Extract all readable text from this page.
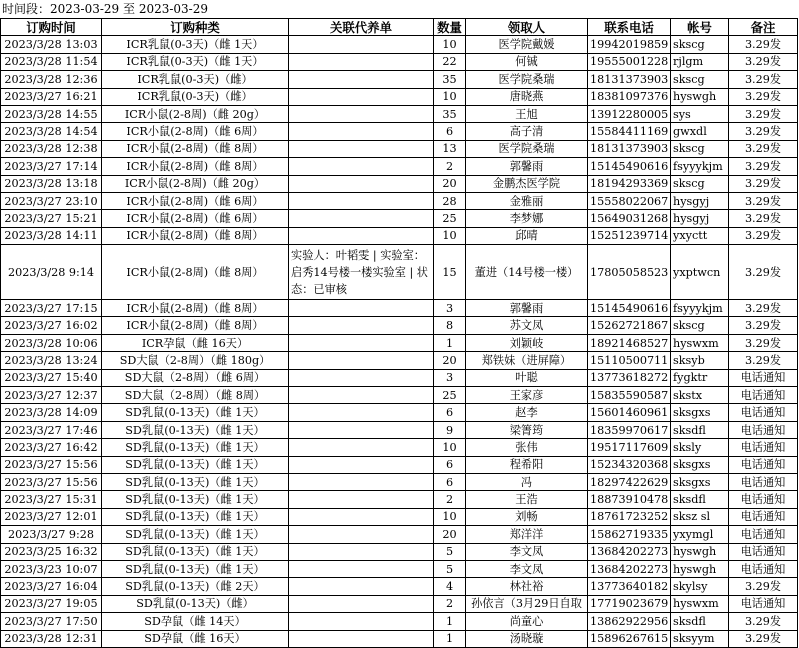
时间段：2023-03-29 至 2023-03-29
订购时间	订购种类	关联代养单	数量	领取人	联系电话	帐号	备注
2023/3/28 13:03	ICR乳鼠(0-3天)（雌 1天）		10	医学院戴媛	19942019859	skscg	3.29发
2023/3/28 11:54	ICR乳鼠(0-3天)（雌 1天）		22	何铖	19555001228	rjlgm	3.29发
2023/3/28 12:36	ICR乳鼠(0-3天)（雌）		35	医学院桑瑞	18131373903	skscg	3.29发
2023/3/27 16:21	ICR乳鼠(0-3天)（雌）		10	唐晓燕	18381097376	hyswgh	3.29发
2023/3/28 14:55	ICR小鼠(2-8周)（雌 20g）		35	王旭	13912280005	sys	3.29发
2023/3/28 14:54	ICR小鼠(2-8周)（雌 6周）		6	高子清	15584411169	gwxdl	3.29发
2023/3/28 12:38	ICR小鼠(2-8周)（雌 8周）		13	医学院桑瑞	18131373903	skscg	3.29发
2023/3/27 17:14	ICR小鼠(2-8周)（雌 8周）		2	郭馨雨	15145490616	fsyyykjm	3.29发
2023/3/28 13:18	ICR小鼠(2-8周)（雌 20g）		20	金鹏杰医学院	18194293369	skscg	3.29发
2023/3/27 23:10	ICR小鼠(2-8周)（雌 6周）		28	金雅丽	15558022067	hysgyj	3.29发
2023/3/27 15:21	ICR小鼠(2-8周)（雌 6周）		25	李梦娜	15649031268	hysgyj	3.29发
2023/3/28 14:11	ICR小鼠(2-8周)（雌 8周）		10	邱晴	15251239714	yxyctt	3.29发
2023/3/28 9:14	ICR小鼠(2-8周)（雌 8周）	实验人：叶韬雯 | 实验室：启秀14号楼一楼实验室 | 状态：已审核	15	董进（14号楼一楼）	17805058523	yxptwcn	3.29发
2023/3/27 17:15	ICR小鼠(2-8周)（雌 8周）		3	郭馨雨	15145490616	fsyyykjm	3.29发
2023/3/27 16:02	ICR小鼠(2-8周)（雌 8周）		8	苏文凤	15262721867	skscg	3.29发
2023/3/28 10:06	ICR孕鼠（雌 16天）		1	刘颖岐	18921468527	hyswxm	3.29发
2023/3/28 13:24	SD大鼠（2-8周）（雌 180g）		20	郑铁妹（进屏障）	15110500711	sksyb	3.29发
2023/3/27 15:40	SD大鼠（2-8周）（雌 6周）		3	叶聪	13773618272	fygktr	电话通知
2023/3/27 12:37	SD大鼠（2-8周）（雌 8周）		25	王家彦	15835590587	skstx	电话通知
2023/3/28 14:09	SD乳鼠(0-13天)（雌 1天）		6	赵李	15601460961	sksgxs	电话通知
2023/3/27 17:46	SD乳鼠(0-13天)（雌 1天）		9	梁箐筠	18359970617	sksdfl	电话通知
2023/3/27 16:42	SD乳鼠(0-13天)（雌 1天）		10	张伟	19517117609	sksly	电话通知
2023/3/27 15:56	SD乳鼠(0-13天)（雌 1天）		6	程希阳	15234320368	sksgxs	电话通知
2023/3/27 15:56	SD乳鼠(0-13天)（雌 1天）		6	冯	18297422629	sksgxs	电话通知
2023/3/27 15:31	SD乳鼠(0-13天)（雌 1天）		2	王浩	18873910478	sksdfl	电话通知
2023/3/27 12:01	SD乳鼠(0-13天)（雌 1天）		10	刘畅	18761723252	sksz sl	电话通知
2023/3/27 9:28	SD乳鼠(0-13天)（雌 1天）		20	郑洋洋	15862719335	yxymgl	电话通知
2023/3/25 16:32	SD乳鼠(0-13天)（雌 1天）		5	李文凤	13684202273	hyswgh	电话通知
2023/3/23 10:07	SD乳鼠(0-13天)（雌 1天）		5	李文凤	13684202273	hyswgh	电话通知
2023/3/27 16:04	SD乳鼠(0-13天)（雌 2天）		4	林社裕	13773640182	skylsy	3.29发
2023/3/27 19:05	SD乳鼠(0-13天)（雌）		2	孙依言（3月29日自取	17719023679	hyswxm	电话通知
2023/3/27 17:50	SD孕鼠（雌 14天）		1	尚童心	13862922956	sksdfl	3.29发
2023/3/28 12:31	SD孕鼠（雌 16天）		1	汤晓璇	15896267615	sksyym	3.29发
